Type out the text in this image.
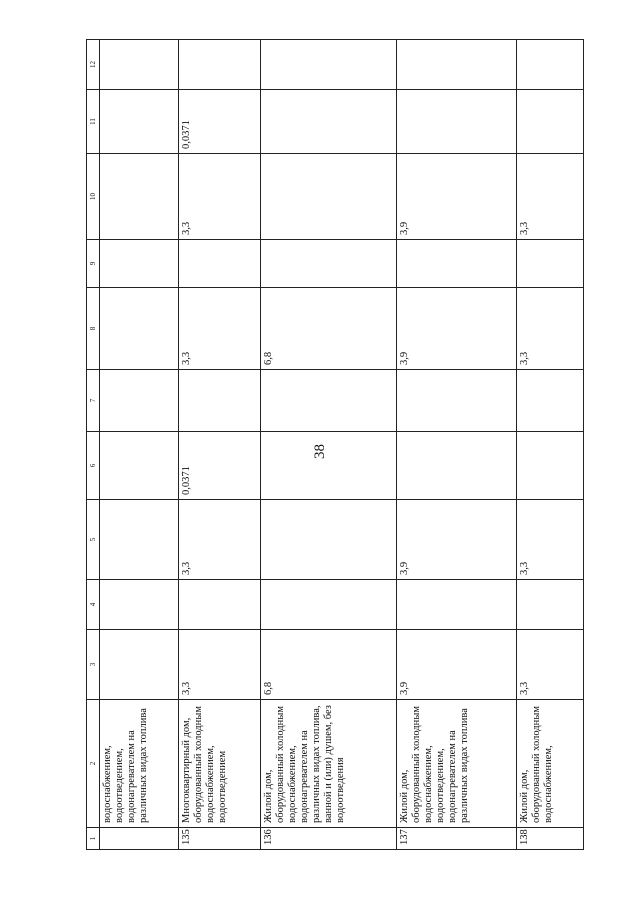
38
1	2	3	4	5	6	7	8	9	10	11	12
	водоснабжением, водоотведением, водонагревателем на различных видах топлива										
135	Многоквартирный дом, оборудованный холодным водоснабжением, водоотведением	3,3		3,3	0,0371		3,3		3,3	0,0371	
136	Жилой дом, оборудованный холодным водоснабжением, водонагревателем на различных видах топлива, ванной и (или) душем, без водоотведения	6,8					6,8				
137	Жилой дом, оборудованный холодным водоснабжением, водоотведением, водонагревателем на различных видах топлива	3,9		3,9			3,9		3,9		
138	Жилой дом, оборудованный холодным водоснабжением,	3,3		3,3			3,3		3,3		
